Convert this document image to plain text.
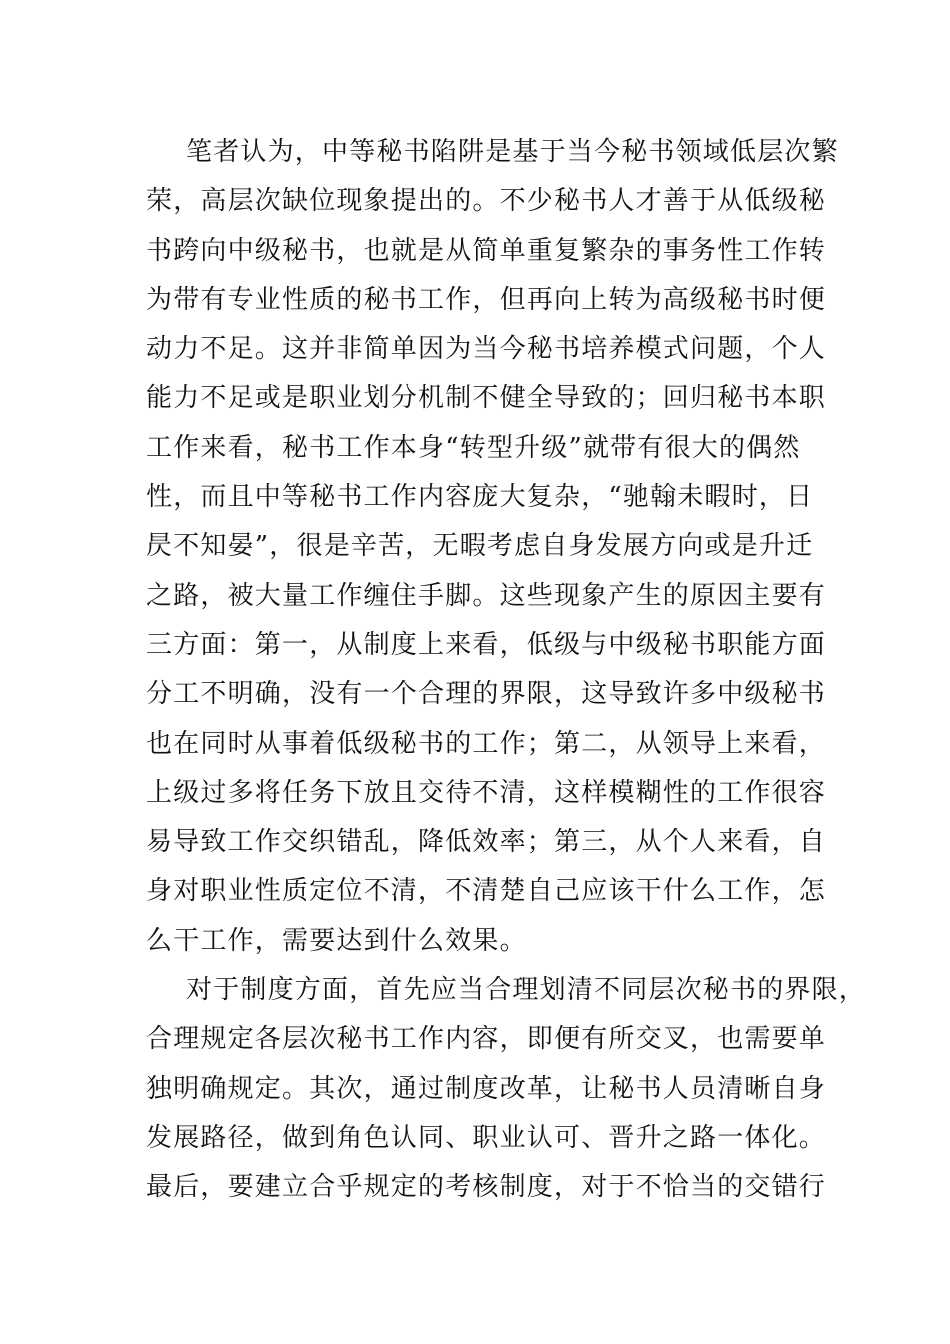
笔者认为，中等秘书陷阱是基于当今秘书领域低层次繁
荣，高层次缺位现象提出的。不少秘书人才善于从低级秘
书跨向中级秘书，也就是从简单重复繁杂的事务性工作转
为带有专业性质的秘书工作，但再向上转为高级秘书时便
动力不足。这并非简单因为当今秘书培养模式问题，个人
能力不足或是职业划分机制不健全导致的；回归秘书本职
工作来看，秘书工作本身“转型升级”就带有很大的偶然
性，而且中等秘书工作内容庞大复杂，“驰翰未暇时，日
昃不知晏”，很是辛苦，无暇考虑自身发展方向或是升迁
之路，被大量工作缠住手脚。这些现象产生的原因主要有
三方面：第一，从制度上来看，低级与中级秘书职能方面
分工不明确，没有一个合理的界限，这导致许多中级秘书
也在同时从事着低级秘书的工作；第二，从领导上来看，
上级过多将任务下放且交待不清，这样模糊性的工作很容
易导致工作交织错乱，降低效率；第三，从个人来看，自
身对职业性质定位不清，不清楚自己应该干什么工作，怎
么干工作，需要达到什么效果。
对于制度方面，首先应当合理划清不同层次秘书的界限，
合理规定各层次秘书工作内容，即便有所交叉，也需要单
独明确规定。其次，通过制度改革，让秘书人员清晰自身
发展路径，做到角色认同、职业认可、晋升之路一体化。
最后，要建立合乎规定的考核制度，对于不恰当的交错行
